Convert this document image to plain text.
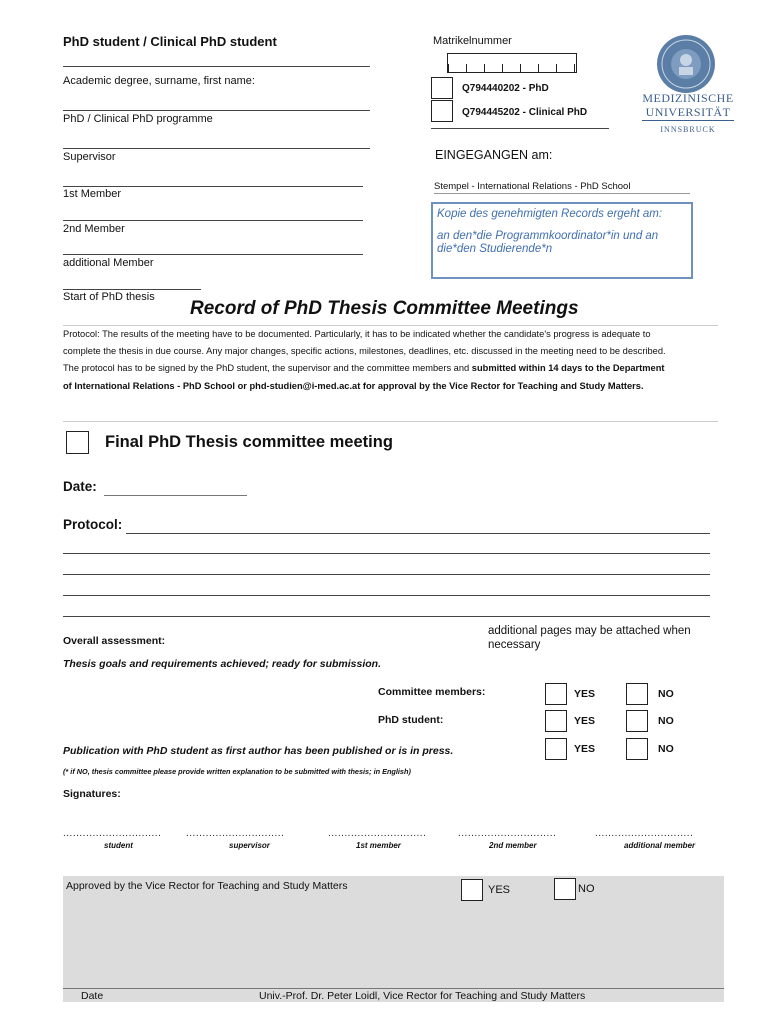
PhD student / Clinical PhD student
Academic degree, surname, first name:
PhD / Clinical PhD programme
Supervisor
1st Member
2nd Member
additional Member
Start of PhD thesis
Matrikelnummer
Q794440202 - PhD
Q794445202 - Clinical PhD
MEDIZINISCHE
UNIVERSITÄT
INNSBRUCK
EINGEGANGEN am:
Stempel - International Relations - PhD School
Kopie des genehmigten Records ergeht am:
an den*die Programmkoordinator*in und an die*den Studierende*n
Record of PhD Thesis Committee Meetings
Protocol: The results of the meeting have to be documented. Particularly, it has to be indicated whether the candidate's progress is adequate to complete the thesis in due course. Any major changes, specific actions, milestones, deadlines, etc. discussed in the meeting need to be described. The protocol has to be signed by the PhD student, the supervisor and the committee members and submitted within 14 days to the Department of International Relations - PhD School or phd-studien@i-med.ac.at for approval by the Vice Rector for Teaching and Study Matters.
Final PhD Thesis committee meeting
Date:
Protocol:
additional pages may be attached when necessary
Overall assessment:
Thesis goals and requirements achieved; ready for submission.
Committee members:	YES	NO
PhD student:	YES	NO
Publication with PhD student as first author has been published or is in press.	YES	NO
(* if NO, thesis committee please provide written explanation to be submitted with thesis; in English)
Signatures:
.............................. ..............................	..............................	..............................	..............................
student	supervisor	1st member	2nd member	additional member
Approved by the Vice Rector for Teaching and Study Matters	YES	NO
Date	Univ.-Prof. Dr. Peter Loidl, Vice Rector for Teaching and Study Matters
